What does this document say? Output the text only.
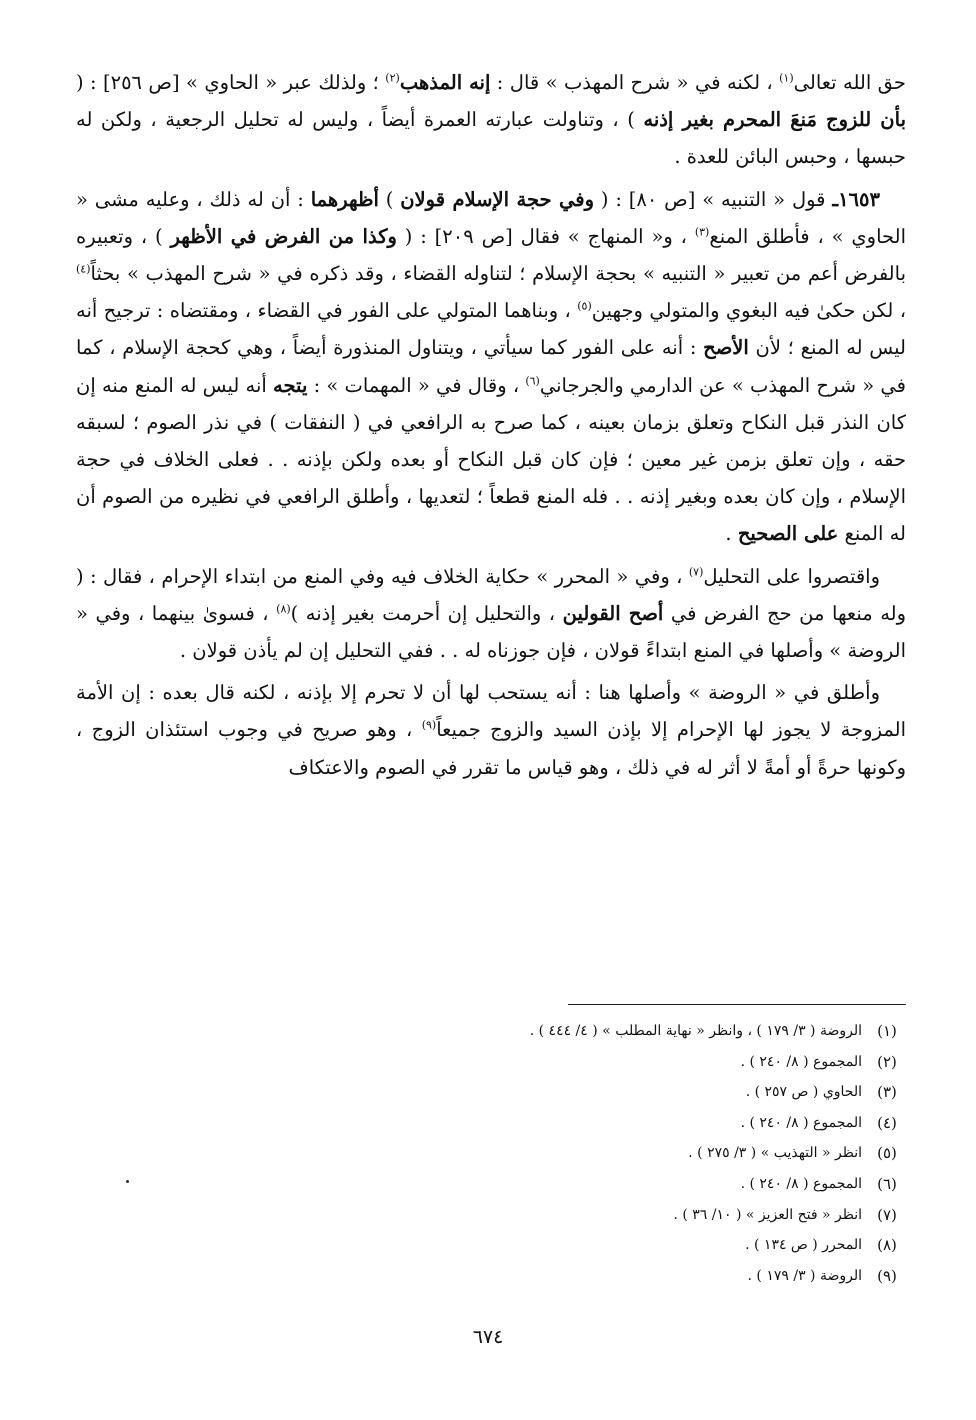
حق الله تعالى$^{(١)}$ ، لكنه في « شرح المهذب » قال : إنه المذهب$^{(٢)}$ ؛ ولذلك عبر « الحاوي » [ص ٢٥٦] : ( بأن للزوج مَنعَ المحرم بغير إذنه ) ، وتناولت عبارته العمرة أيضاً ، وليس له تحليل الرجعية ، ولكن له حبسها ، وحبس البائن للعدة .

١٦٥٣ـ قول « التنبيه » [ص ٨٠] : ( وفي حجة الإسلام قولان ) أظهرهما : أن له ذلك ، وعليه مشى « الحاوي » ، فأطلق المنع$^{(٣)}$ ، و« المنهاج » فقال [ص ٢٠٩] : ( وكذا من الفرض في الأظهر ) ، وتعبيره بالفرض أعم من تعبير « التنبيه » بحجة الإسلام ؛ لتناوله القضاء ، وقد ذكره في « شرح المهذب » بحثاً$^{(٤)}$ ، لكن حكىٰ فيه البغوي والمتولي وجهين$^{(٥)}$ ، وبناهما المتولي على الفور في القضاء ، ومقتضاه : ترجيح أنه ليس له المنع ؛ لأن الأصح : أنه على الفور كما سيأتي ، ويتناول المنذورة أيضاً ، وهي كحجة الإسلام ، كما في « شرح المهذب » عن الدارمي والجرجاني$^{(٦)}$ ، وقال في « المهمات » : يتجه أنه ليس له المنع منه إن كان النذر قبل النكاح وتعلق بزمان بعينه ، كما صرح به الرافعي في ( النفقات ) في نذر الصوم ؛ لسبقه حقه ، وإن تعلق بزمن غير معين ؛ فإن كان قبل النكاح أو بعده ولكن بإذنه . . فعلى الخلاف في حجة الإسلام ، وإن كان بعده وبغير إذنه . . فله المنع قطعاً ؛ لتعديها ، وأطلق الرافعي في نظيره من الصوم أن له المنع على الصحيح .

واقتصروا على التحليل$^{(٧)}$ ، وفي « المحرر » حكاية الخلاف فيه وفي المنع من ابتداء الإحرام ، فقال : ( وله منعها من حج الفرض في أصح القولين ، والتحليل إن أحرمت بغير إذنه )$^{(٨)}$ ، فسوىٰ بينهما ، وفي « الروضة » وأصلها في المنع ابتداءً قولان ، فإن جوزناه له . . ففي التحليل إن لم يأذن قولان .

وأطلق في « الروضة » وأصلها هنا : أنه يستحب لها أن لا تحرم إلا بإذنه ، لكنه قال بعده : إن الأمة المزوجة لا يجوز لها الإحرام إلا بإذن السيد والزوج جميعاً$^{(٩)}$ ، وهو صريح في وجوب استئذان الزوج ، وكونها حرةً أو أمةً لا أثر له في ذلك ، وهو قياس ما تقرر في الصوم والاعتكاف

(١)
الروضة ( ٣/ ١٧٩ ) ، وانظر « نهاية المطلب » ( ٤/ ٤٤٤ ) .
(٢)
المجموع ( ٨/ ٢٤٠ ) .
(٣)
الحاوي ( ص ٢٥٧ ) .
(٤)
المجموع ( ٨/ ٢٤٠ ) .
(٥)
انظر « التهذيب » ( ٣/ ٢٧٥ ) .
(٦)
المجموع ( ٨/ ٢٤٠ ) .
(٧)
انظر « فتح العزيز » ( ١٠/ ٣٦ ) .
(٨)
المحرر ( ص ١٣٤ ) .
(٩)
الروضة ( ٣/ ١٧٩ ) .
٦٧٤
